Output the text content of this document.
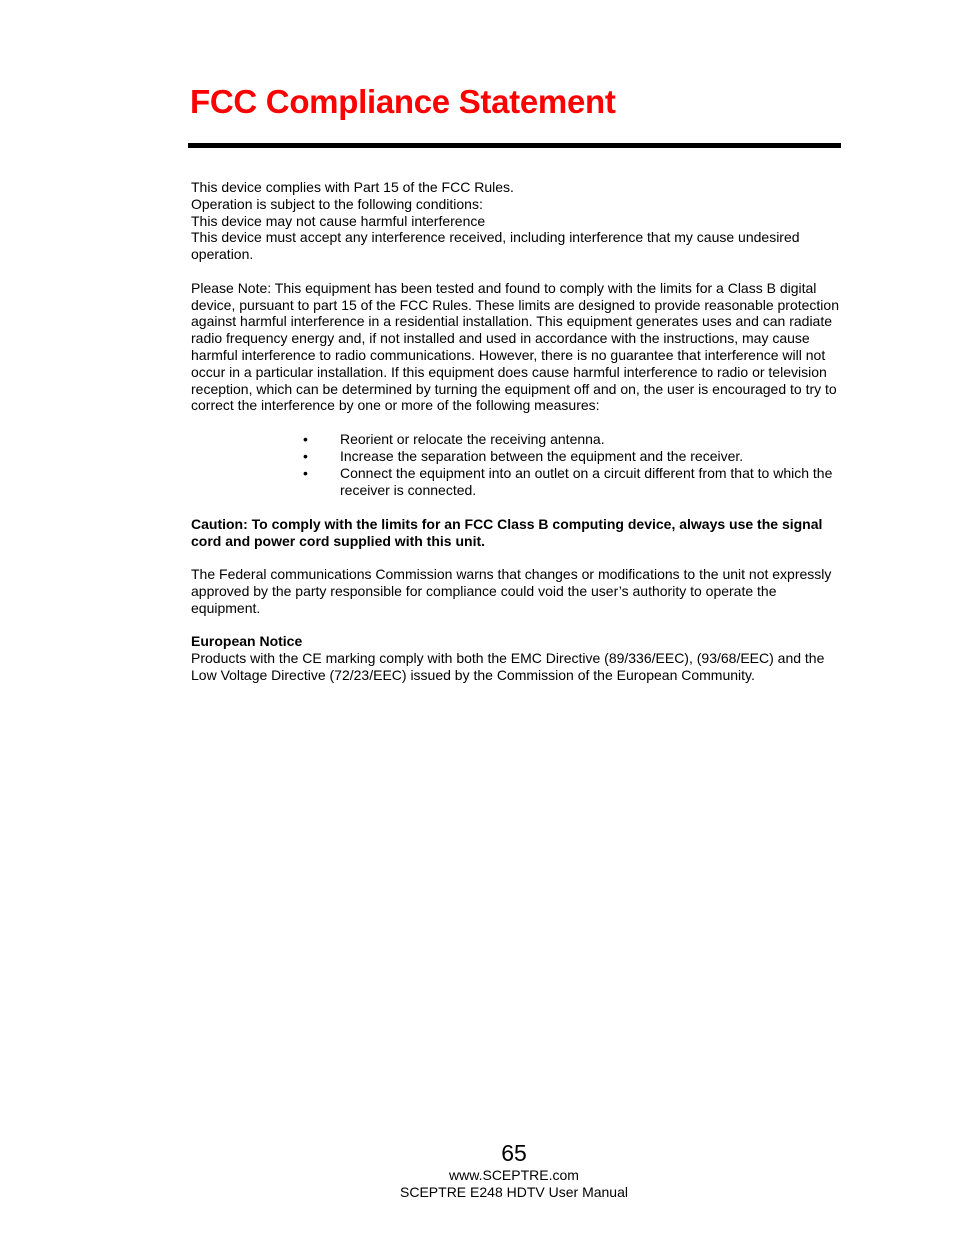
FCC Compliance Statement

This device complies with Part 15 of the FCC Rules.

Operation is subject to the following conditions:

This device may not cause harmful interference

This device must accept any interference received, including interference that my cause undesired operation.

Please Note: This equipment has been tested and found to comply with the limits for a Class B digital device, pursuant to part 15 of the FCC Rules. These limits are designed to provide reasonable protection against harmful interference in a residential installation. This equipment generates uses and can radiate radio frequency energy and, if not installed and used in accordance with the instructions, may cause harmful interference to radio communications. However, there is no guarantee that interference will not occur in a particular installation. If this equipment does cause harmful interference to radio or television reception, which can be determined by turning the equipment off and on, the user is encouraged to try to correct the interference by one or more of the following measures:

• Reorient or relocate the receiving antenna.
• Increase the separation between the equipment and the receiver.
• Connect the equipment into an outlet on a circuit different from that to which the receiver is connected.

Caution: To comply with the limits for an FCC Class B computing device, always use the signal cord and power cord supplied with this unit.

The Federal communications Commission warns that changes or modifications to the unit not expressly approved by the party responsible for compliance could void the user’s authority to operate the equipment.

European Notice

Products with the CE marking comply with both the EMC Directive (89/336/EEC), (93/68/EEC) and the Low Voltage Directive (72/23/EEC) issued by the Commission of the European Community.

65
www.SCEPTRE.com
SCEPTRE E248 HDTV User Manual
